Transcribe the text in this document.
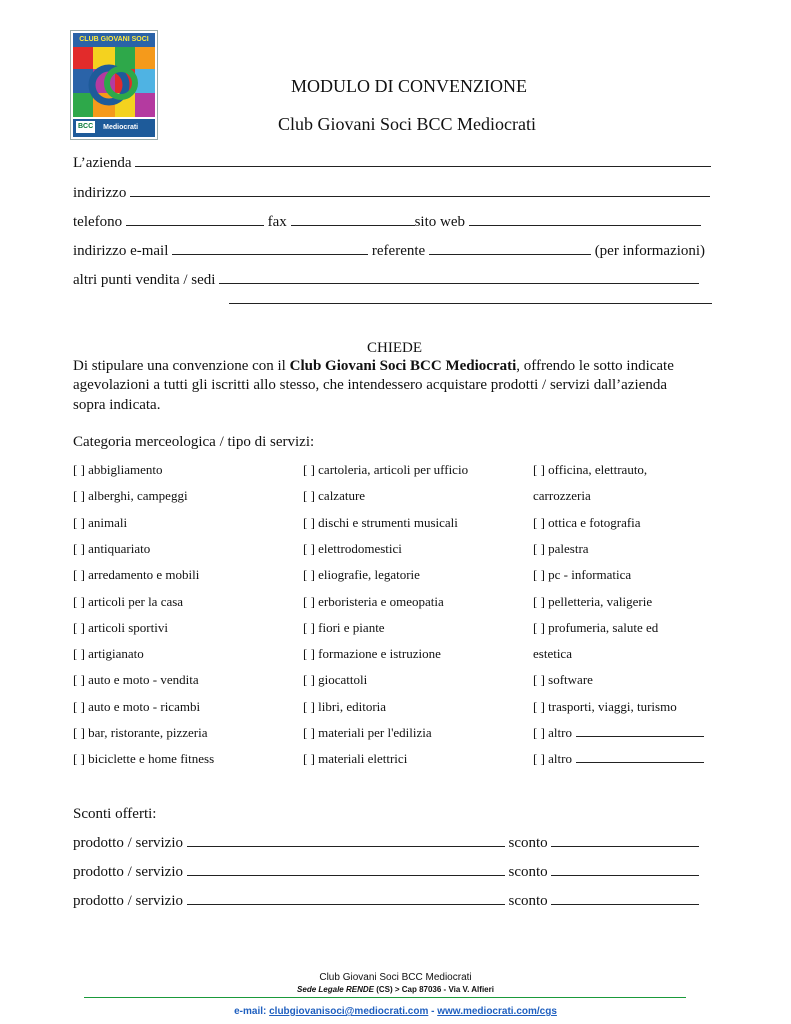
CLUB GIOVANI SOCI
BCC Mediocrati
MODULO DI CONVENZIONE
Club Giovani Soci BCC Mediocrati
L’azienda
indirizzo
telefono	fax	sito web
indirizzo e-mail	referente	(per informazioni)
altri punti vendita / sedi
CHIEDE
Di stipulare una convenzione con il Club Giovani Soci BCC Mediocrati, offrendo le sotto indicate
agevolazioni a tutti gli iscritti allo stesso, che intendessero acquistare prodotti / servizi dall’azienda
sopra indicata.
Categoria merceologica / tipo di servizi:
[ ] abbigliamento
[ ] alberghi, campeggi
[ ] animali
[ ] antiquariato
[ ] arredamento e mobili
[ ] articoli per la casa
[ ] articoli sportivi
[ ] artigianato
[ ] auto e moto - vendita
[ ] auto e moto - ricambi
[ ] bar, ristorante, pizzeria
[ ] biciclette e home fitness
[ ] cartoleria, articoli per ufficio
[ ] calzature
[ ] dischi e strumenti musicali
[ ] elettrodomestici
[ ] eliografie, legatorie
[ ] erboristeria e omeopatia
[ ] fiori e piante
[ ] formazione e istruzione
[ ] giocattoli
[ ] libri, editoria
[ ] materiali per l'edilizia
[ ] materiali elettrici
[ ] officina, elettrauto,
carrozzeria
[ ] ottica e fotografia
[ ] palestra
[ ] pc - informatica
[ ] pelletteria, valigerie
[ ] profumeria, salute ed
estetica
[ ] software
[ ] trasporti, viaggi, turismo
[ ] altro
[ ] altro
Sconti offerti:
prodotto / servizio	sconto
prodotto / servizio	sconto
prodotto / servizio	sconto
Club Giovani Soci BCC Mediocrati
Sede Legale RENDE (CS) > Cap 87036 - Via V. Alfieri
e-mail: clubgiovanisoci@mediocrati.com - www.mediocrati.com/cgs
